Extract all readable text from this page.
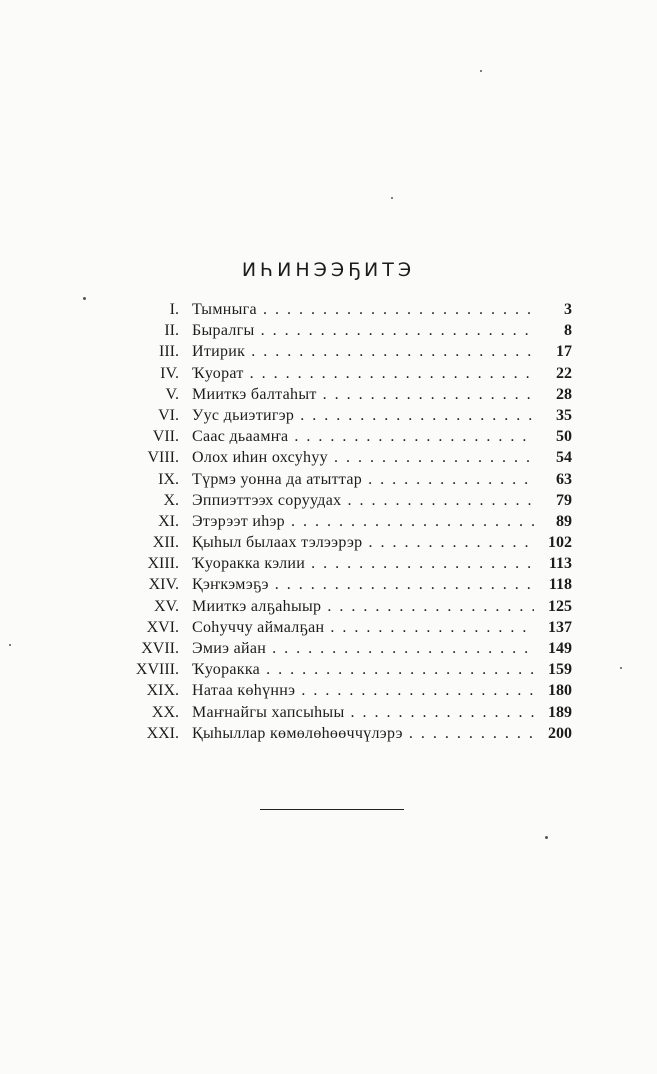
ИҺИНЭЭҔИТЭ
I. Тымныга . .	3
II. Быралгы . .	8
III. Итирик . .	17
IV. Ҡуорат . .	22
V. Мииткэ балтаһыт . .	28
VI. Уус дьиэтигэр . .	35
VII. Саас дьаамҥа . .	50
VIII. Олох иһин охсуһуу . .	54
IX. Түрмэ уонна да атыттар . .	63
X. Эппиэттээх соруудах . .	79
XI. Этэрээт иһэр . .	89
XII. Қыһыл былаах тэлээрэр . .	102
XIII. Ҡуоракка кэлии . .	113
XIV. Қэҥкэмэҕэ . .	118
XV. Мииткэ алҕаһыыр . .	125
XVI. Соһуччу аймалҕан . .	137
XVII. Эмиэ айан . .	149
XVIII. Ҡуоракка . .	159
XIX. Натаа көһүннэ . .	180
XX. Маҥнайгы хапсыһыы . .	189
XXI. Қыһыллар көмөлөһөөччүлэрэ . .	200
